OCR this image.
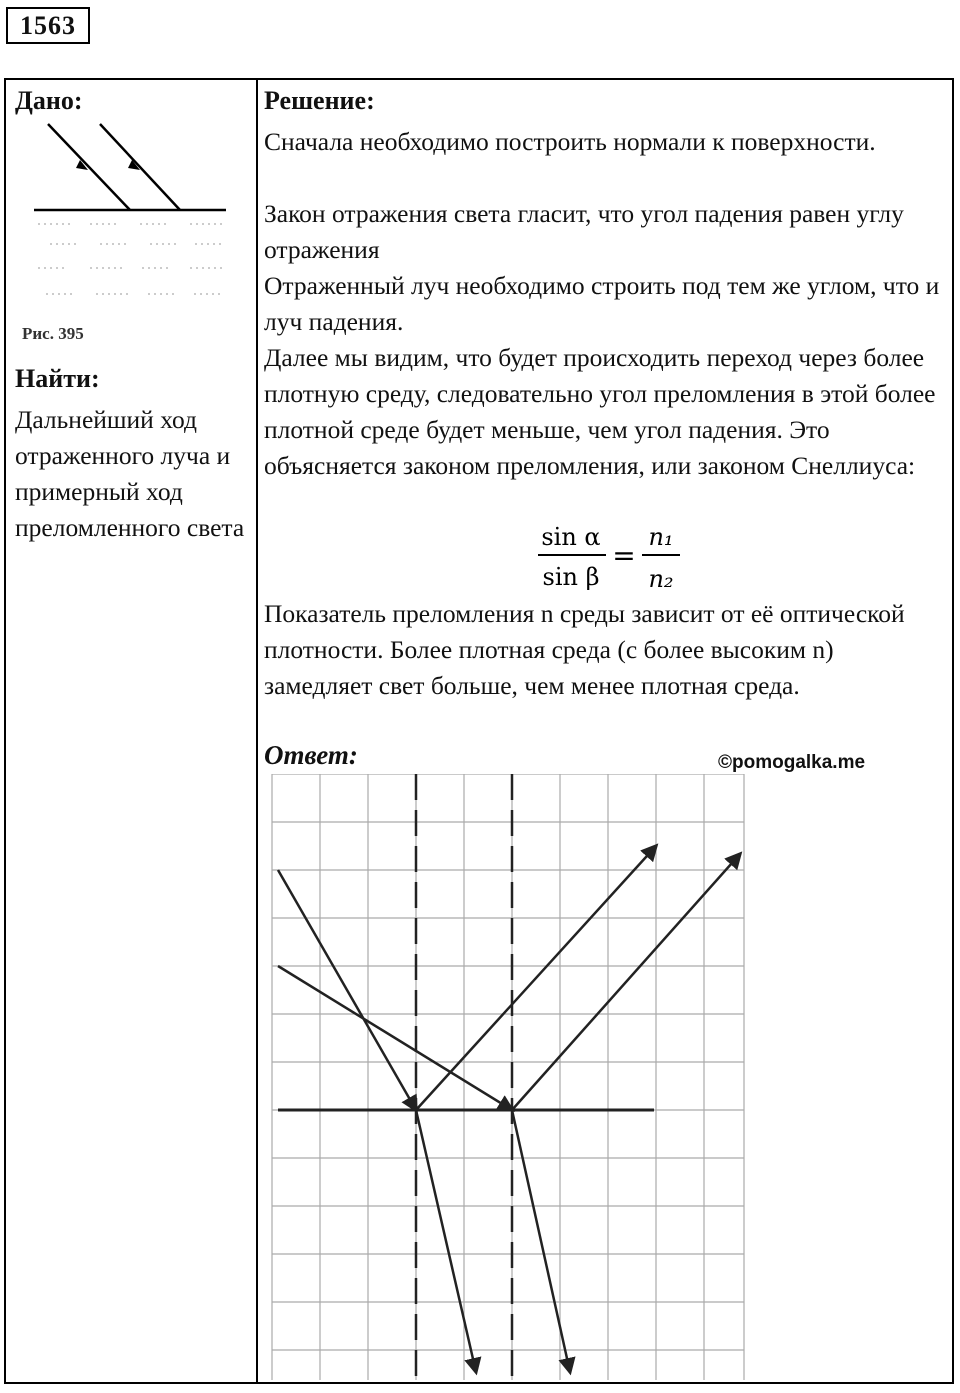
1563
Дано:
Рис. 395
Найти:
Дальнейший ход отраженного луча и примерный ход преломленного света
Решение:
Сначала необходимо построить нормали к поверхности.
Закон отражения света гласит, что угол падения равен углу отражения
Отраженный луч необходимо строить под тем же углом, что и луч падения.
Далее мы видим, что будет происходить переход через более плотную среду, следовательно угол преломления в этой более плотной среде будет меньше, чем угол падения. Это объясняется законом преломления, или законом Снеллиуса:
sin α
sin β
=
n₁
n₂
Показатель преломления n среды зависит от её оптической плотности. Более плотная среда (с более высоким n) замедляет свет больше, чем менее плотная среда.
Ответ:	©pomogalka.me
